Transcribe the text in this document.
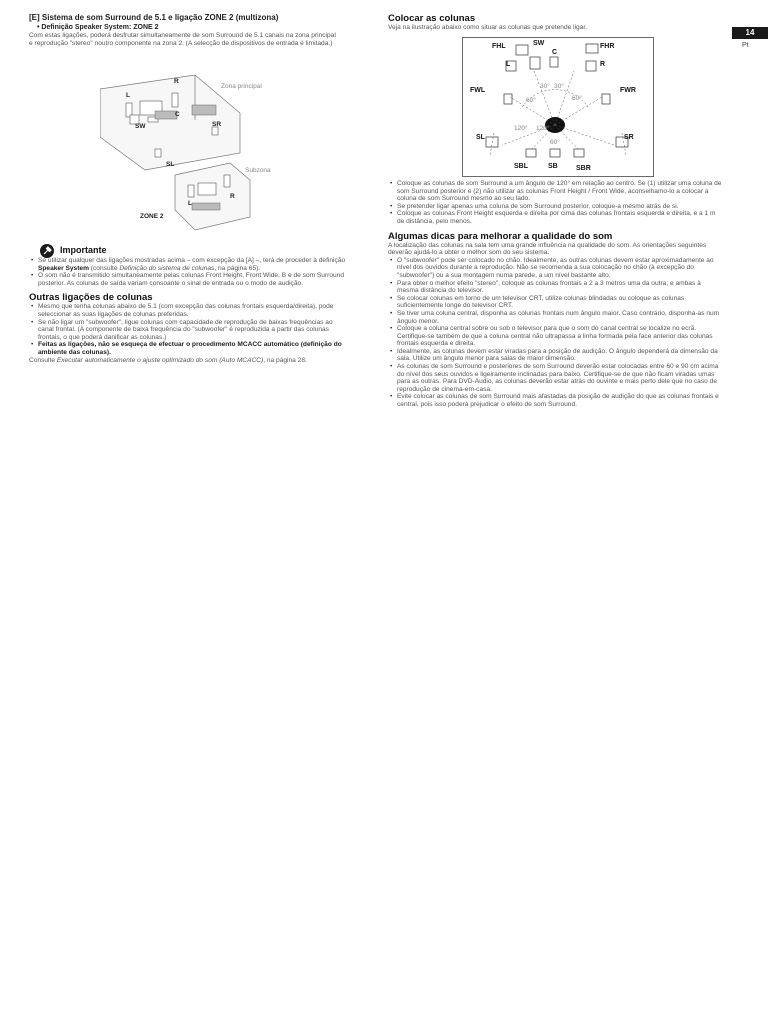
14
Pt
[E] Sistema de som Surround de 5.1 e ligação ZONE 2 (multizona)
• Definição Speaker System: ZONE 2

Com estas ligações, poderá desfrutar simultaneamente de som Surround de 5.1 canais na zona principal e reprodução "stereo" noutro componente na zona 2. (A selecção de dispositivos de entrada é limitada.)

Zona principal
Subzona
ZONE 2
R
L
C
SW
SL
SR
L
R
Importante
• Se utilizar qualquer das ligações mostradas acima – com excepção da [A] –, terá de proceder à definição Speaker System (consulte Definição do sistema de colunas, na página 65).
• O som não é transmitido simultaneamente pelas colunas Front Height, Front Wide, B e de som Surround posterior. As colunas de saída variam consoante o sinal de entrada ou o modo de audição.
Outras ligações de colunas
• Mesmo que tenha colunas abaixo de 5.1 (com excepção das colunas frontais esquerda/direita), pode seleccionar as suas ligações de colunas preferidas.
• Se não ligar um "subwoofer", ligue colunas com capacidade de reprodução de baixas frequências ao canal frontal. (A componente de baixa frequência do "subwoofer" é reproduzida a partir das colunas frontais, o que poderá danificar as colunas.)
• Feitas as ligações, não se esqueça de efectuar o procedimento MCACC automático (definição do ambiente das colunas).

Consulte Executar automaticamente o ajuste optimizado do som (Auto MCACC), na página 28.

Colocar as colunas

Veja na ilustração abaixo como situar as colunas que pretende ligar.

FHL	SW	FHR
C
L	R
FWL	FWR
SL	SR
SBL	SB	SBR
30° 30°
60°	60°
120° 120°
60°
• Coloque as colunas de som Surround a um ângulo de 120° em relação ao centro. Se (1) utilizar uma coluna de som Surround posterior e (2) não utilizar as colunas Front Height / Front Wide, aconselhamo-lo a colocar a coluna de som Surround mesmo ao seu lado.
• Se pretender ligar apenas uma coluna de som Surround posterior, coloque-a mesmo atrás de si.
• Coloque as colunas Front Height esquerda e direita por cima das colunas frontais esquerda e direita, e a 1 m de distância, pelo menos.
Algumas dicas para melhorar a qualidade do som

A localização das colunas na sala tem uma grande influência na qualidade do som. As orientações seguintes deverão ajudá-lo a obter o melhor som do seu sistema.

• O "subwoofer" pode ser colocado no chão. Idealmente, as outras colunas devem estar aproximadamente ao nível dos ouvidos durante a reprodução. Não se recomenda a sua colocação no chão (à excepção do "subwoofer") ou a sua montagem numa parede, a um nível bastante alto.
• Para obter o melhor efeito "stereo", coloque as colunas frontais a 2 a 3 metros uma da outra, e ambas à mesma distância do televisor.
• Se colocar colunas em torno de um televisor CRT, utilize colunas blindadas ou coloque as colunas suficientemente longe do televisor CRT.
• Se tiver uma coluna central, disponha as colunas frontais num ângulo maior. Caso contrário, disponha-as num ângulo menor.
• Coloque a coluna central sobre ou sob o televisor para que o som do canal central se localize no ecrã. Certifique-se também de que a coluna central não ultrapassa a linha formada pela face anterior das colunas frontais esquerda e direita.
• Idealmente, as colunas devem estar viradas para a posição de audição. O ângulo dependerá da dimensão da sala. Utilize um ângulo menor para salas de maior dimensão.
• As colunas de som Surround e posteriores de som Surround deverão estar colocadas entre 60 e 90 cm acima do nível dos seus ouvidos e ligeiramente inclinadas para baixo. Certifique-se de que não ficam viradas umas para as outras. Para DVD-Audio, as colunas deverão estar atrás do ouvinte e mais perto dele que no caso de reprodução de cinema-em-casa.
• Evite colocar as colunas de som Surround mais afastadas da posição de audição do que as colunas frontais e central, pois isso poderá prejudicar o efeito de som Surround.
